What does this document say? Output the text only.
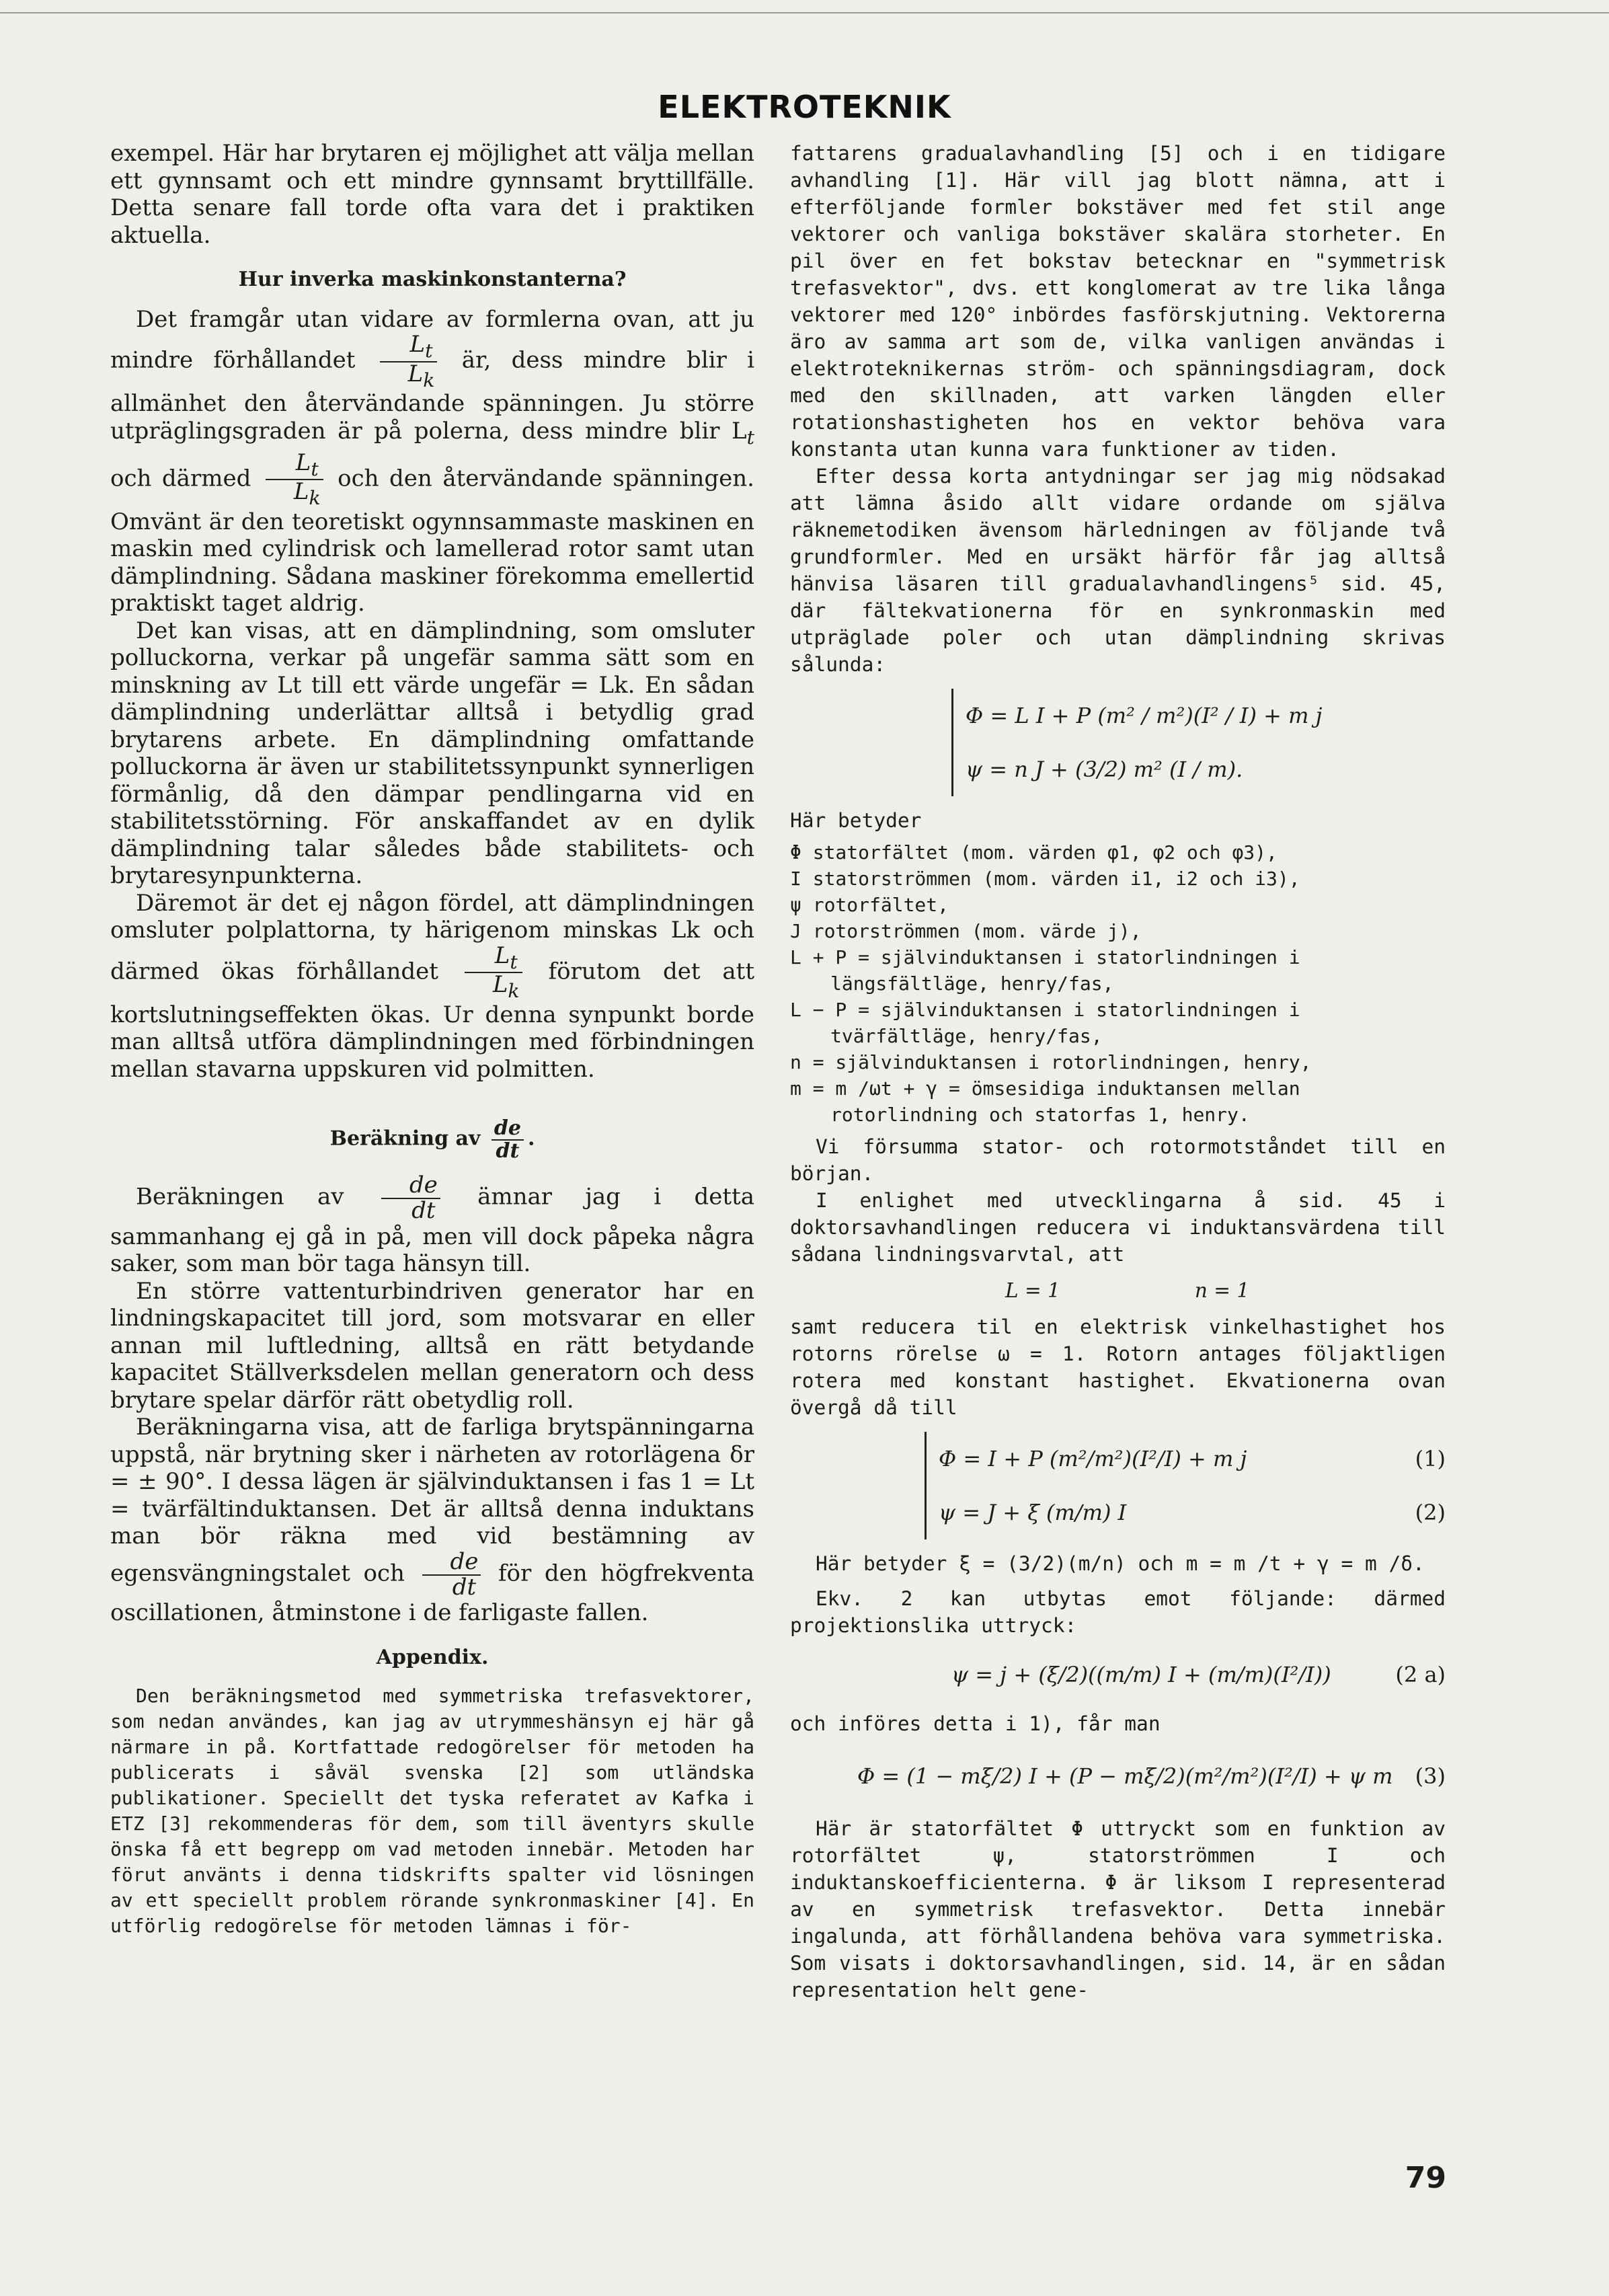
ELEKTROTEKNIK

exempel. Här har brytaren ej möjlighet att välja mellan ett gynnsamt och ett mindre gynnsamt bryttillfälle. Detta senare fall torde ofta vara det i praktiken aktuella.

Hur inverka maskinkonstanterna?

Det framgår utan vidare av formlerna ovan, att ju mindre förhållandet $\frac{L_t}{L_k}$ är, dess mindre blir i allmänhet den återvändande spänningen. Ju större utpräglingsgraden är på polerna, dess mindre blir $L_t$ och därmed $\frac{L_t}{L_k}$ och den återvändande spänningen. Omvänt är den teoretiskt ogynnsammaste maskinen en maskin med cylindrisk och lamellerad rotor samt utan dämplindning. Sådana maskiner förekomma emellertid praktiskt taget aldrig.

Det kan visas, att en dämplindning, som omsluter polluckorna, verkar på ungefär samma sätt som en minskning av Lt till ett värde ungefär = Lk. En sådan dämplindning underlättar alltså i betydlig grad brytarens arbete. En dämplindning omfattande polluckorna är även ur stabilitetssynpunkt synnerligen förmånlig, då den dämpar pendlingarna vid en stabilitetsstörning. För anskaffandet av en dylik dämplindning talar således både stabilitets- och brytaresynpunkterna.

Däremot är det ej någon fördel, att dämplindningen omsluter polplattorna, ty härigenom minskas Lk och därmed ökas förhållandet $\frac{L_t}{L_k}$ förutom det att kortslutningseffekten ökas. Ur denna synpunkt borde man alltså utföra dämplindningen med förbindningen mellan stavarna uppskuren vid polmitten.

Beräkning av $\frac{de}{dt}$ .

Beräkningen av $\frac{de}{dt}$ ämnar jag i detta sammanhang ej gå in på, men vill dock påpeka några saker, som man bör taga hänsyn till.

En större vattenturbindriven generator har en lindningskapacitet till jord, som motsvarar en eller annan mil luftledning, alltså en rätt betydande kapacitet Ställverksdelen mellan generatorn och dess brytare spelar därför rätt obetydlig roll.

Beräkningarna visa, att de farliga brytspänningarna uppstå, när brytning sker i närheten av rotorlägena δr = ± 90°. I dessa lägen är självinduktansen i fas 1 = Lt = tvärfältinduktansen. Det är alltså denna induktans man bör räkna med vid bestämning av egensvängningstalet och $\frac{de}{dt}$ för den högfrekventa oscillationen, åtminstone i de farligaste fallen.

Appendix.

Den beräkningsmetod med symmetriska trefasvektorer, som nedan användes, kan jag av utrymmeshänsyn ej här gå närmare in på. Kortfattade redogörelser för metoden ha publicerats i såväl svenska [2] som utländska publikationer. Speciellt det tyska referatet av Kafka i ETZ [3] rekommenderas för dem, som till äventyrs skulle önska få ett begrepp om vad metoden innebär. Metoden har förut använts i denna tidskrifts spalter vid lösningen av ett speciellt problem rörande synkronmaskiner [4]. En utförlig redogörelse för metoden lämnas i för-

fattarens gradualavhandling [5] och i en tidigare avhandling [1]. Här vill jag blott nämna, att i efterföljande formler bokstäver med fet stil ange vektorer och vanliga bokstäver skalära storheter. En pil över en fet bokstav betecknar en "symmetrisk trefasvektor", dvs. ett konglomerat av tre lika långa vektorer med 120° inbördes fasförskjutning. Vektorerna äro av samma art som de, vilka vanligen användas i elektroteknikernas ström- och spänningsdiagram, dock med den skillnaden, att varken längden eller rotationshastigheten hos en vektor behöva vara konstanta utan kunna vara funktioner av tiden.

Efter dessa korta antydningar ser jag mig nödsakad att lämna åsido allt vidare ordande om själva räknemetodiken ävensom härledningen av följande två grundformler. Med en ursäkt härför får jag alltså hänvisa läsaren till gradualavhandlingens⁵ sid. 45, där fältekvationerna för en synkronmaskin med utpräglade poler och utan dämplindning skrivas sålunda:

Φ = L I + P (m² / m²)(I² / I) + m j
ψ = n J + (3/2) m² (I / m).

Här betyder

Φ statorfältet (mom. värden φ1, φ2 och φ3),
I statorströmmen (mom. värden i1, i2 och i3),
ψ rotorfältet,
J rotorströmmen (mom. värde j),
L + P = självinduktansen i statorlindningen i längsfältläge, henry/fas,
L − P = självinduktansen i statorlindningen i tvärfältläge, henry/fas,
n = självinduktansen i rotorlindningen, henry,
m = m /ωt + γ = ömsesidiga induktansen mellan rotorlindning och statorfas 1, henry.

Vi försumma stator- och rotormotståndet till en början.

I enlighet med utvecklingarna å sid. 45 i doktorsavhandlingen reducera vi induktansvärdena till sådana lindningsvarvtal, att

L = 1	n = 1

samt reducera til en elektrisk vinkelhastighet hos rotorns rörelse ω = 1. Rotorn antages följaktligen rotera med konstant hastighet. Ekvationerna ovan övergå då till

Φ = I + P (m²/m²)(I²/I) + m j	(1)
ψ = J + ξ (m/m) I	(2)

Här betyder ξ = (3/2)(m/n) och m = m /t + γ = m /δ.

Ekv. 2 kan utbytas emot följande: därmed projektionslika uttryck:

ψ = j + (ξ/2)((m/m) I + (m/m)(I²/I))	(2 a)

och införes detta i 1), får man

Φ = (1 − mξ/2) I + (P − mξ/2)(m²/m²)(I²/I) + ψ m (3)

Här är statorfältet Φ uttryckt som en funktion av rotorfältet ψ, statorströmmen I och induktanskoefficienterna. Φ är liksom I representerad av en symmetrisk trefasvektor. Detta innebär ingalunda, att förhållandena behöva vara symmetriska. Som visats i doktorsavhandlingen, sid. 14, är en sådan representation helt gene-

79
